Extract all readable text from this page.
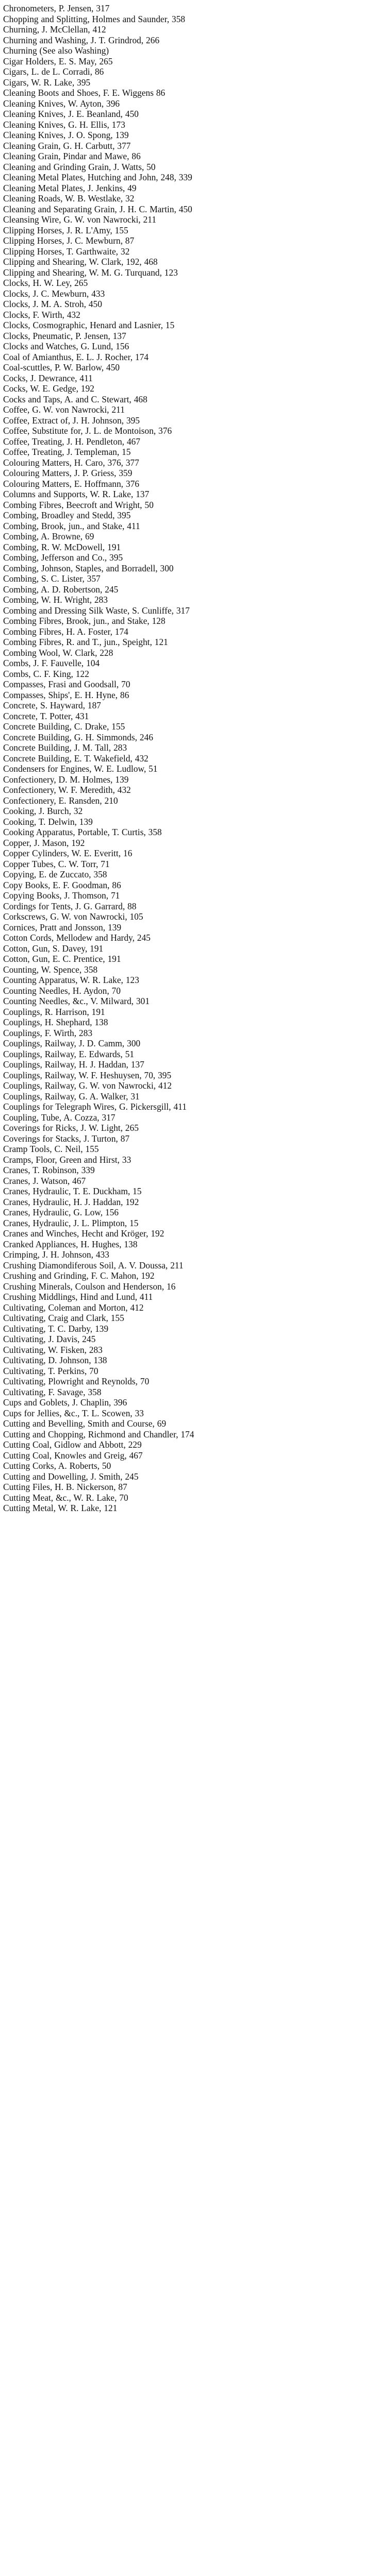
Chronometers, P. Jensen, 317
Chopping and Splitting, Holmes and Saunder, 358
Churning, J. McClellan, 412
Churning and Washing, J. T. Grindrod, 266
Churning (See also Washing)
Cigar Holders, E. S. May, 265
Cigars, L. de L. Corradi, 86
Cigars, W. R. Lake, 395
Cleaning Boots and Shoes, F. E. Wiggens 86
Cleaning Knives, W. Ayton, 396
Cleaning Knives, J. E. Beanland, 450
Cleaning Knives, G. H. Ellis, 173
Cleaning Knives, J. O. Spong, 139
Cleaning Grain, G. H. Carbutt, 377
Cleaning Grain, Pindar and Mawe, 86
Cleaning and Grinding Grain, J. Watts, 50
Cleaning Metal Plates, Hutching and John, 248, 339
Cleaning Metal Plates, J. Jenkins, 49
Cleaning Roads, W. B. Westlake, 32
Cleaning and Separating Grain, J. H. C. Martin, 450
Cleansing Wire, G. W. von Nawrocki, 211
Clipping Horses, J. R. L'Amy, 155
Clipping Horses, J. C. Mewburn, 87
Clipping Horses, T. Garthwaite, 32
Clipping and Shearing, W. Clark, 192, 468
Clipping and Shearing, W. M. G. Turquand, 123
Clocks, H. W. Ley, 265
Clocks, J. C. Mewburn, 433
Clocks, J. M. A. Stroh, 450
Clocks, F. Wirth, 432
Clocks, Cosmographic, Henard and Lasnier, 15
Clocks, Pneumatic, P. Jensen, 137
Clocks and Watches, G. Lund, 156
Coal of Amianthus, E. L. J. Rocher, 174
Coal-scuttles, P. W. Barlow, 450
Cocks, J. Dewrance, 411
Cocks, W. E. Gedge, 192
Cocks and Taps, A. and C. Stewart, 468
Coffee, G. W. von Nawrocki, 211
Coffee, Extract of, J. H. Johnson, 395
Coffee, Substitute for, J. L. de Montoison, 376
Coffee, Treating, J. H. Pendleton, 467
Coffee, Treating, J. Templeman, 15
Colouring Matters, H. Caro, 376, 377
Colouring Matters, J. P. Griess, 359
Colouring Matters, E. Hoffmann, 376
Columns and Supports, W. R. Lake, 137
Combing Fibres, Beecroft and Wright, 50
Combing, Broadley and Stedd, 395
Combing, Brook, jun., and Stake, 411
Combing, A. Browne, 69
Combing, R. W. McDowell, 191
Combing, Jefferson and Co., 395
Combing, Johnson, Staples, and Borradell, 300
Combing, S. C. Lister, 357
Combing, A. D. Robertson, 245
Combing, W. H. Wright, 283
Combing and Dressing Silk Waste, S. Cunliffe, 317
Combing Fibres, Brook, jun., and Stake, 128
Combing Fibres, H. A. Foster, 174
Combing Fibres, R. and T., jun., Speight, 121
Combing Wool, W. Clark, 228
Combs, J. F. Fauvelle, 104
Combs, C. F. King, 122
Compasses, Frasi and Goodsall, 70
Compasses, Ships', E. H. Hyne, 86
Concrete, S. Hayward, 187
Concrete, T. Potter, 431
Concrete Building, C. Drake, 155
Concrete Building, G. H. Simmonds, 246
Concrete Building, J. M. Tall, 283
Concrete Building, E. T. Wakefield, 432
Condensers for Engines, W. E. Ludlow, 51
Confectionery, D. M. Holmes, 139
Confectionery, W. F. Meredith, 432
Confectionery, E. Ransden, 210
Cooking, J. Burch, 32
Cooking, T. Delwin, 139
Cooking Apparatus, Portable, T. Curtis, 358
Copper, J. Mason, 192
Copper Cylinders, W. E. Everitt, 16
Copper Tubes, C. W. Torr, 71
Copying, E. de Zuccato, 358
Copy Books, E. F. Goodman, 86
Copying Books, J. Thomson, 71
Cordings for Tents, J. G. Garrard, 88
Corkscrews, G. W. von Nawrocki, 105
Cornices, Pratt and Jonsson, 139
Cotton Cords, Mellodew and Hardy, 245
Cotton, Gun, S. Davey, 191
Cotton, Gun, E. C. Prentice, 191
Counting, W. Spence, 358
Counting Apparatus, W. R. Lake, 123
Counting Needles, H. Aydon, 70
Counting Needles, &c., V. Milward, 301
Couplings, R. Harrison, 191
Couplings, H. Shephard, 138
Couplings, F. Wirth, 283
Couplings, Railway, J. D. Camm, 300
Couplings, Railway, E. Edwards, 51
Couplings, Railway, H. J. Haddan, 137
Couplings, Railway, W. F. Heshuysen, 70, 395
Couplings, Railway, G. W. von Nawrocki, 412
Couplings, Railway, G. A. Walker, 31
Couplings for Telegraph Wires, G. Pickersgill, 411
Coupling, Tube, A. Cozza, 317
Coverings for Ricks, J. W. Light, 265
Coverings for Stacks, J. Turton, 87
Cramp Tools, C. Neil, 155
Cramps, Floor, Green and Hirst, 33
Cranes, T. Robinson, 339
Cranes, J. Watson, 467
Cranes, Hydraulic, T. E. Duckham, 15
Cranes, Hydraulic, H. J. Haddan, 192
Cranes, Hydraulic, G. Low, 156
Cranes, Hydraulic, J. L. Plimpton, 15
Cranes and Winches, Hecht and Kröger, 192
Cranked Appliances, H. Hughes, 138
Crimping, J. H. Johnson, 433
Crushing Diamondiferous Soil, A. V. Doussa, 211
Crushing and Grinding, F. C. Mahon, 192
Crushing Minerals, Coulson and Henderson, 16
Crushing Middlings, Hind and Lund, 411
Cultivating, Coleman and Morton, 412
Cultivating, Craig and Clark, 155
Cultivating, T. C. Darby, 139
Cultivating, J. Davis, 245
Cultivating, W. Fisken, 283
Cultivating, D. Johnson, 138
Cultivating, T. Perkins, 70
Cultivating, Plowright and Reynolds, 70
Cultivating, F. Savage, 358
Cups and Goblets, J. Chaplin, 396
Cups for Jellies, &c., T. L. Scowen, 33
Cutting and Bevelling, Smith and Course, 69
Cutting and Chopping, Richmond and Chandler, 174
Cutting Coal, Gidlow and Abbott, 229
Cutting Coal, Knowles and Greig, 467
Cutting Corks, A. Roberts, 50
Cutting and Dowelling, J. Smith, 245
Cutting Files, H. B. Nickerson, 87
Cutting Meat, &c., W. R. Lake, 70
Cutting Metal, W. R. Lake, 121
